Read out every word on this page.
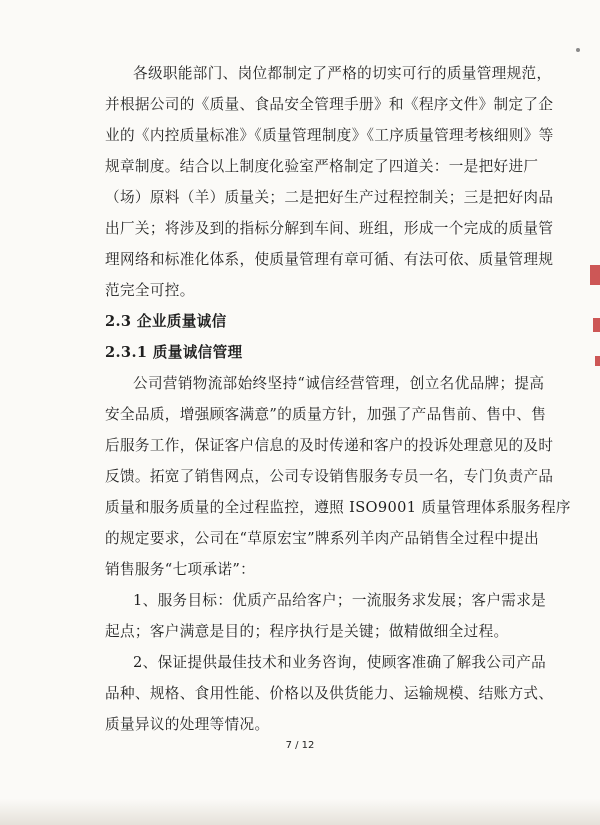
各级职能部门、岗位都制定了严格的切实可行的质量管理规范，
并根据公司的《质量、食品安全管理手册》和《程序文件》制定了企
业的《内控质量标准》《质量管理制度》《工序质量管理考核细则》等
规章制度。结合以上制度化验室严格制定了四道关：一是把好进厂
（场）原料（羊）质量关；二是把好生产过程控制关；三是把好肉品
出厂关；将涉及到的指标分解到车间、班组，形成一个完成的质量管
理网络和标准化体系，使质量管理有章可循、有法可依、质量管理规
范完全可控。
2.3 企业质量诚信
2.3.1 质量诚信管理
公司营销物流部始终坚持“诚信经营管理，创立名优品牌；提高
安全品质，增强顾客满意”的质量方针，加强了产品售前、售中、售
后服务工作，保证客户信息的及时传递和客户的投诉处理意见的及时
反馈。拓宽了销售网点，公司专设销售服务专员一名，专门负责产品
质量和服务质量的全过程监控，遵照 ISO9001 质量管理体系服务程序
的规定要求，公司在“草原宏宝”牌系列羊肉产品销售全过程中提出
销售服务“七项承诺”：
1、服务目标：优质产品给客户；一流服务求发展；客户需求是
起点；客户满意是目的；程序执行是关键；做精做细全过程。
2、保证提供最佳技术和业务咨询，使顾客准确了解我公司产品
品种、规格、食用性能、价格以及供货能力、运输规模、结账方式、
质量异议的处理等情况。
7 / 12
